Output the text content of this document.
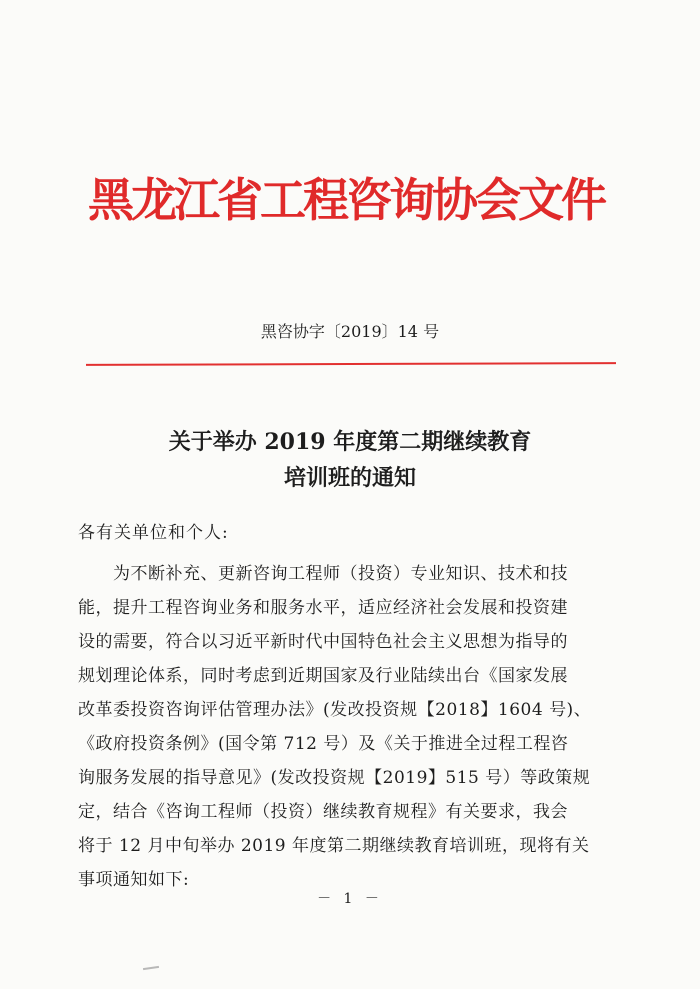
黑龙江省工程咨询协会文件
黑咨协字〔2019〕14 号
关于举办 2019 年度第二期继续教育
培训班的通知
各有关单位和个人:
　　为不断补充、更新咨询工程师（投资）专业知识、技术和技
能，提升工程咨询业务和服务水平，适应经济社会发展和投资建
设的需要，符合以习近平新时代中国特色社会主义思想为指导的
规划理论体系，同时考虑到近期国家及行业陆续出台《国家发展
改革委投资咨询评估管理办法》(发改投资规【2018】1604 号)、
《政府投资条例》(国令第 712 号）及《关于推进全过程工程咨
询服务发展的指导意见》(发改投资规【2019】515 号）等政策规
定，结合《咨询工程师（投资）继续教育规程》有关要求，我会
将于 12 月中旬举办 2019 年度第二期继续教育培训班，现将有关
事项通知如下:
－ 1 －
